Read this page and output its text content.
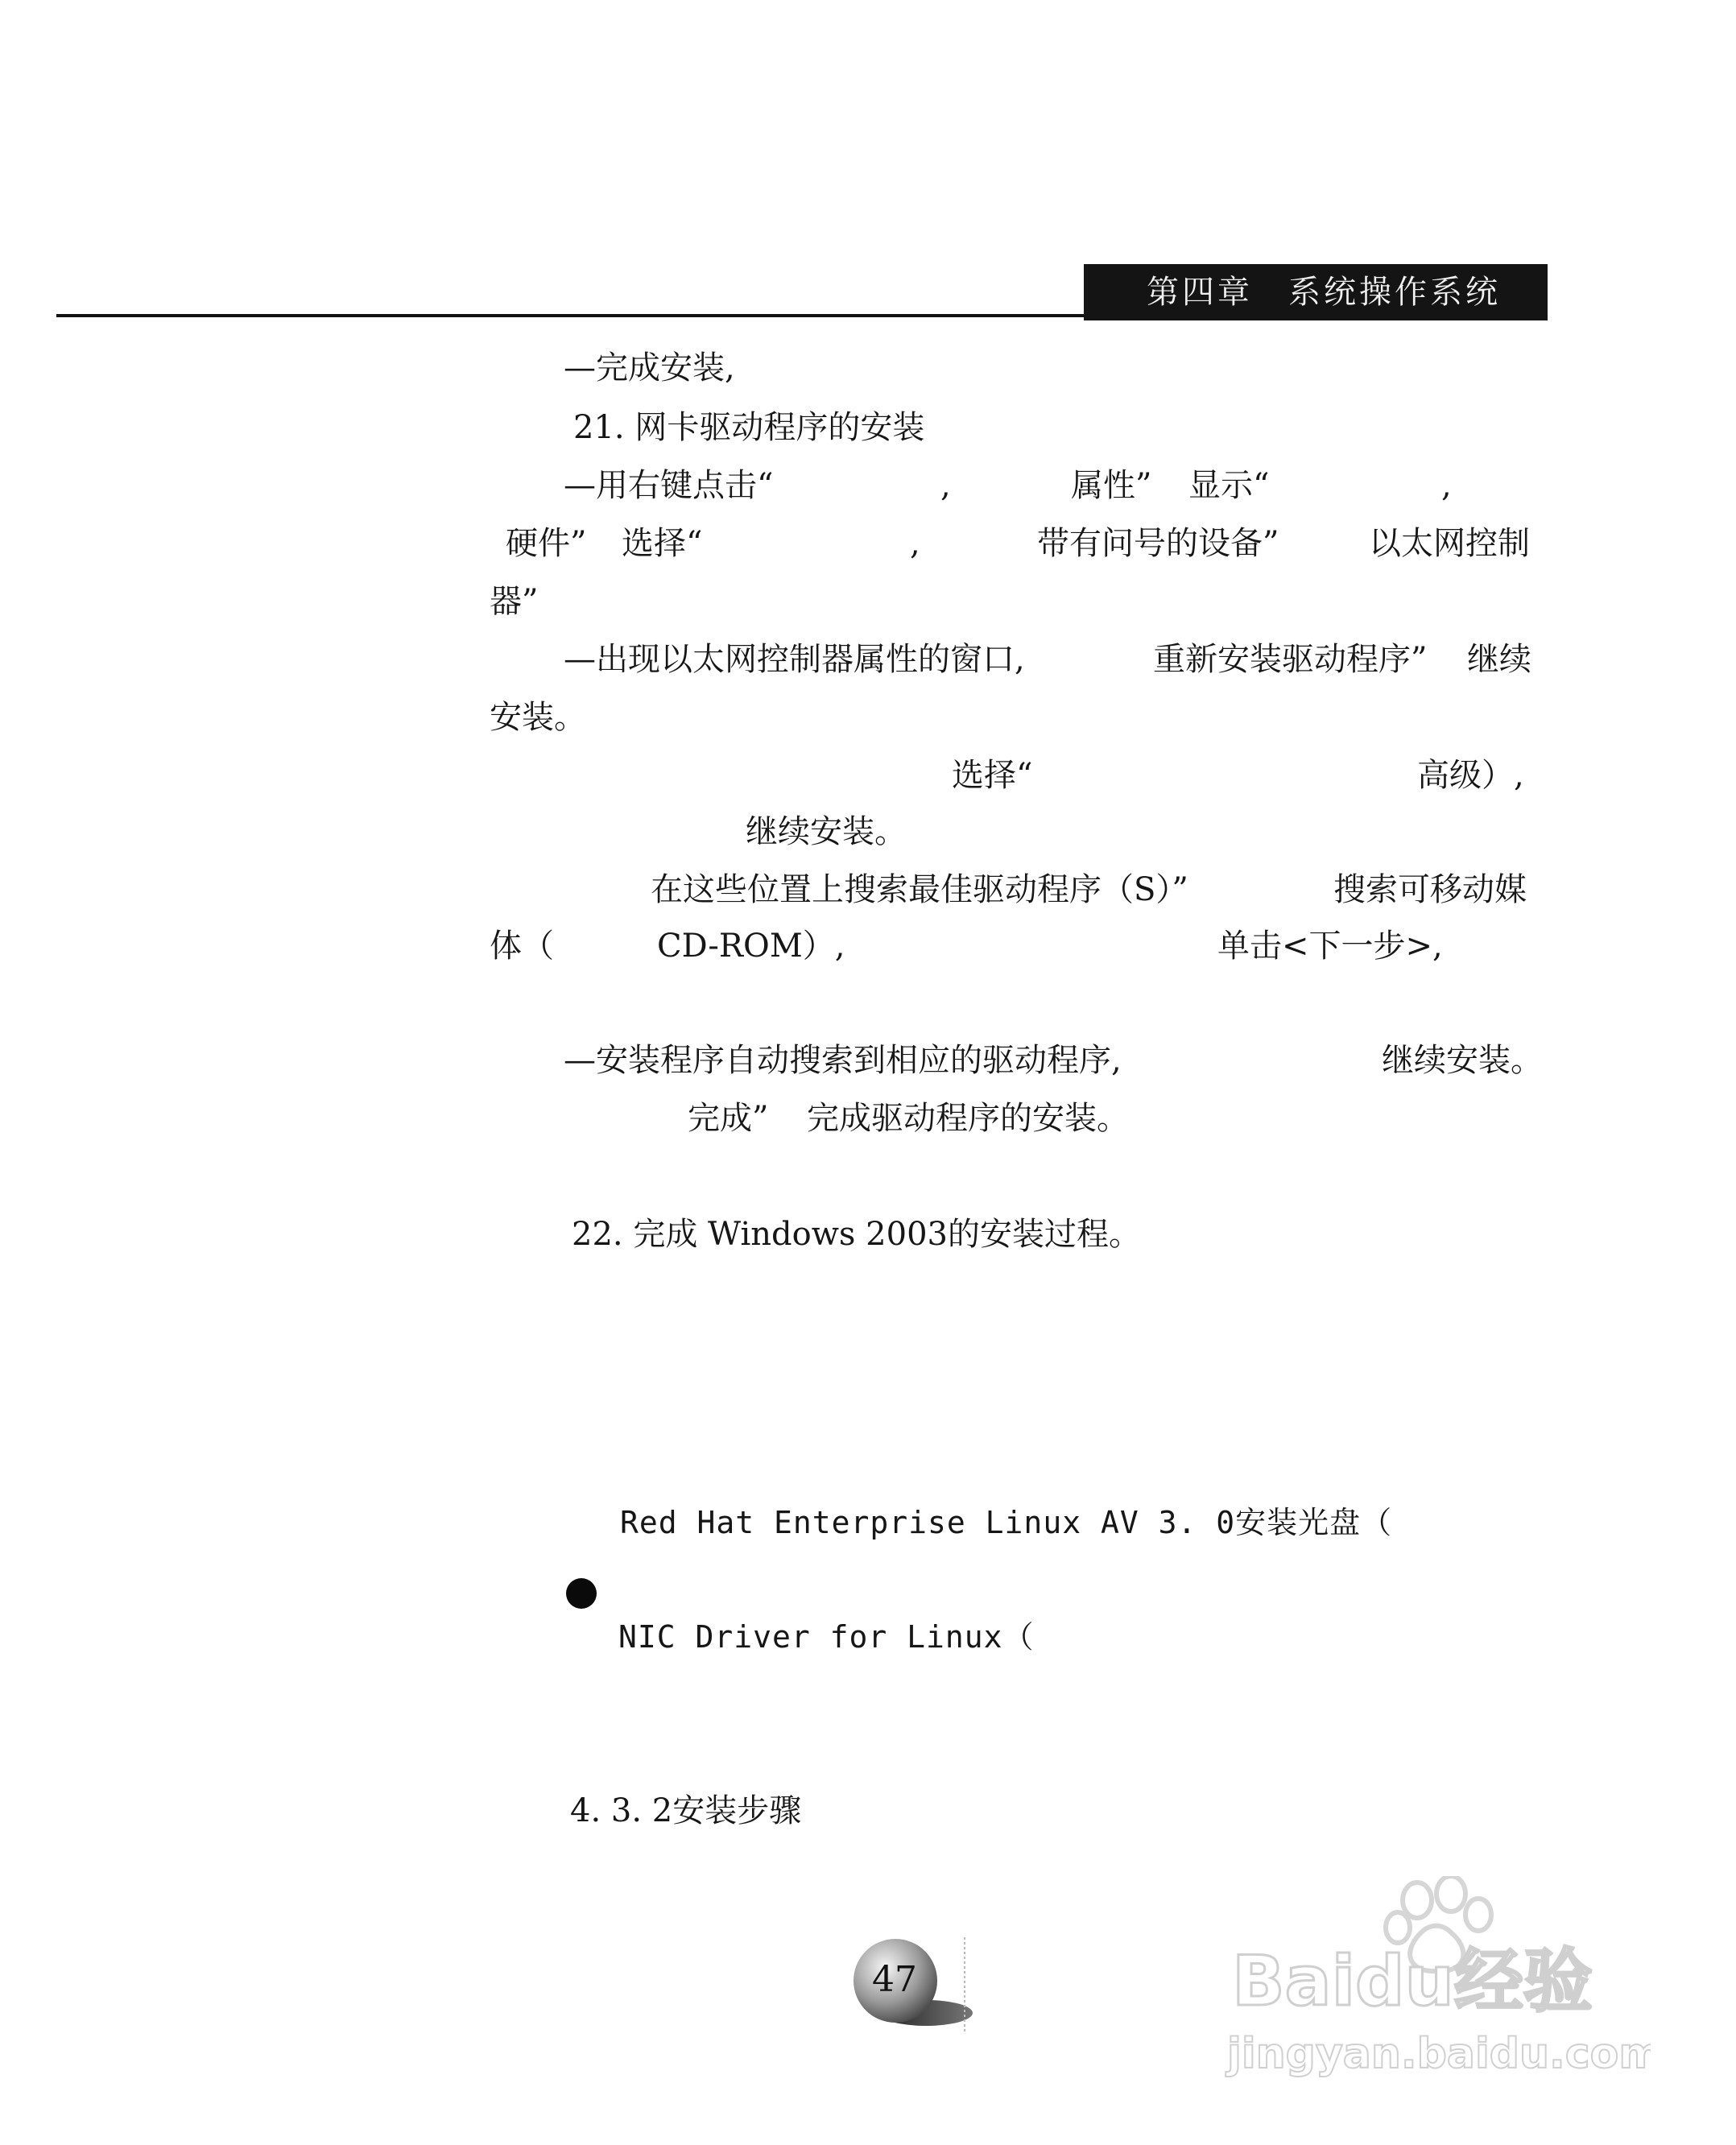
第四章　系统操作系统
—完成安装,
21. 网卡驱动程序的安装
—用右键点击“	,	属性” 显示“	,
硬件” 选择“	,	带有问号的设备”	以太网控制
器”
—出现以太网控制器属性的窗口,	重新安装驱动程序” 继续
安装。
选择“	高级）,
继续安装。
在这些位置上搜索最佳驱动程序（S）”	搜索可移动媒
体（	CD-ROM）,	单击<下一步>,
—安装程序自动搜索到相应的驱动程序,	继续安装。
完成” 完成驱动程序的安装。
22. 完成 Windows 2003的安装过程。
Red Hat Enterprise Linux AV 3. 0安装光盘（
NIC Driver for Linux（
4. 3. 2安装步骤
47	Baidu经验
jingyan.baidu.com
